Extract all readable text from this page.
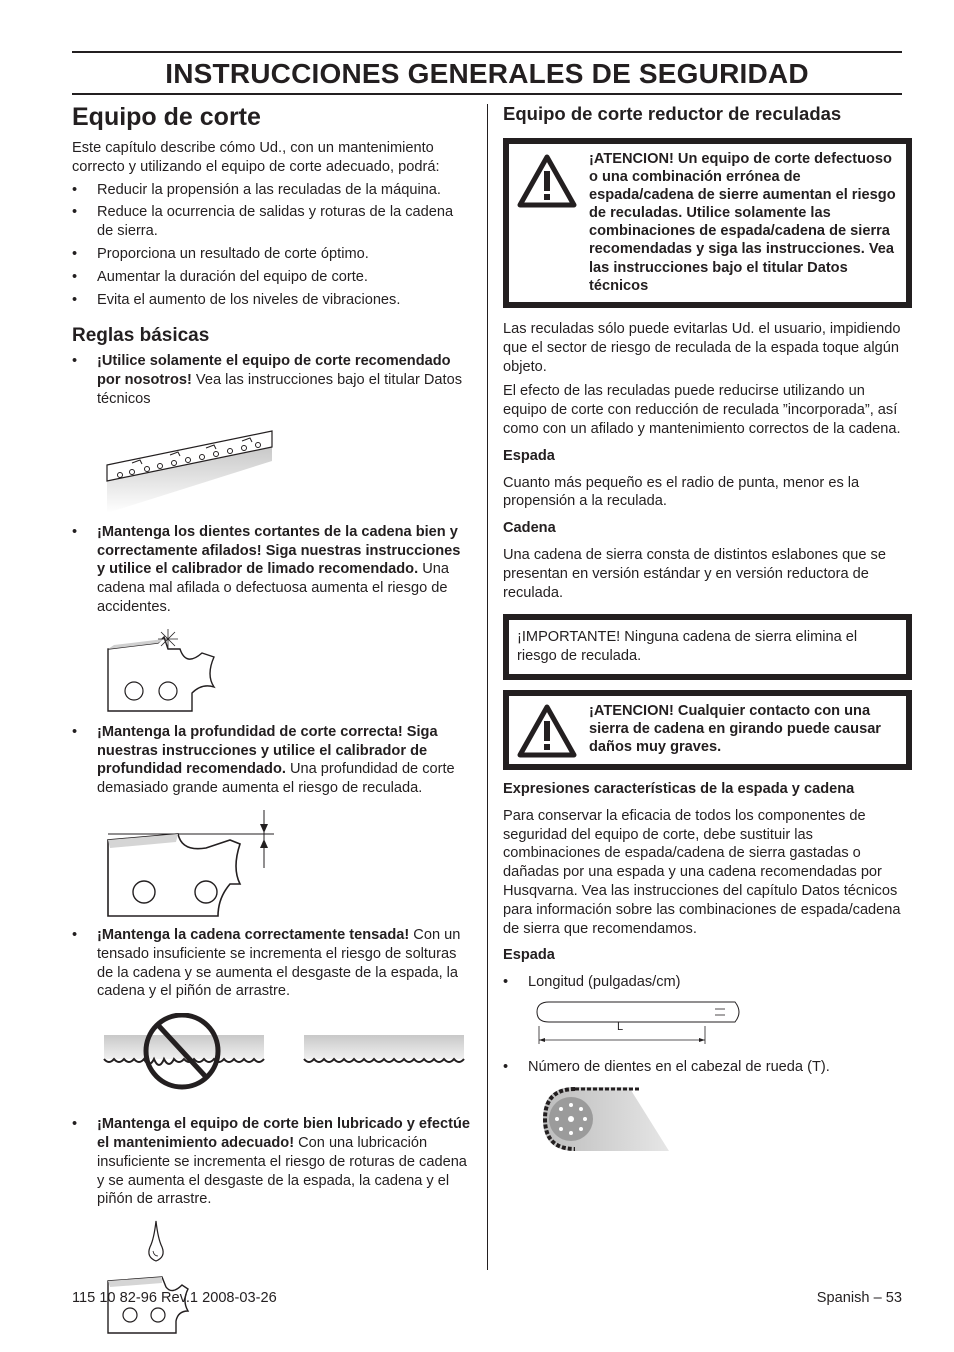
INSTRUCCIONES GENERALES DE SEGURIDAD
Equipo de corte

Este capítulo describe cómo Ud., con un mantenimiento correcto y utilizando el equipo de corte adecuado, podrá:

• Reducir la propensión a las reculadas de la máquina.
• Reduce la ocurrencia de salidas y roturas de la cadena de sierra.
• Proporciona un resultado de corte óptimo.
• Aumentar la duración del equipo de corte.
• Evita el aumento de los niveles de vibraciones.
Reglas básicas
• ¡Utilice solamente el equipo de corte recomendado por nosotros! Vea las instrucciones bajo el titular Datos técnicos
• ¡Mantenga los dientes cortantes de la cadena bien y correctamente afilados! Siga nuestras instrucciones y utilice el calibrador de limado recomendado. Una cadena mal afilada o defectuosa aumenta el riesgo de accidentes.
• ¡Mantenga la profundidad de corte correcta! Siga nuestras instrucciones y utilice el calibrador de profundidad recomendado. Una profundidad de corte demasiado grande aumenta el riesgo de reculada.
• ¡Mantenga la cadena correctamente tensada! Con un tensado insuficiente se incrementa el riesgo de solturas de la cadena y se aumenta el desgaste de la espada, la cadena y el piñón de arrastre.
• ¡Mantenga el equipo de corte bien lubricado y efectúe el mantenimiento adecuado! Con una lubricación insuficiente se incrementa el riesgo de roturas de cadena y se aumenta el desgaste de la espada, la cadena y el piñón de arrastre.
Equipo de corte reductor de reculadas
¡ATENCION! Un equipo de corte defectuoso o una combinación errónea de espada/cadena de sierre aumentan el riesgo de reculadas. Utilice solamente las combinaciones de espada/cadena de sierra recomendadas y siga las instrucciones. Vea las instrucciones bajo el titular Datos técnicos

Las reculadas sólo puede evitarlas Ud. el usuario, impidiendo que el sector de riesgo de reculada de la espada toque algún objeto.

El efecto de las reculadas puede reducirse utilizando un equipo de corte con reducción de reculada ”incorporada”, así como con un afilado y mantenimiento correctos de la cadena.

Espada

Cuanto más pequeño es el radio de punta, menor es la propensión a la reculada.

Cadena

Una cadena de sierra consta de distintos eslabones que se presentan en versión estándar y en versión reductora de reculada.

¡IMPORTANTE! Ninguna cadena de sierra elimina el riesgo de reculada.

¡ATENCION! Cualquier contacto con una sierra de cadena en girando puede causar daños muy graves.
Expresiones características de la espada y cadena

Para conservar la eficacia de todos los componentes de seguridad del equipo de corte, debe sustituir las combinaciones de espada/cadena de sierra gastadas o dañadas por una espada y una cadena recomendadas por Husqvarna. Vea las instrucciones del capítulo Datos técnicos para información sobre las combinaciones de espada/cadena de sierra que recomendamos.

Espada
• Longitud (pulgadas/cm)
L
• Número de dientes en el cabezal de rueda (T).
115 10 82-96 Rev.1 2008-03-26	Spanish – 53
